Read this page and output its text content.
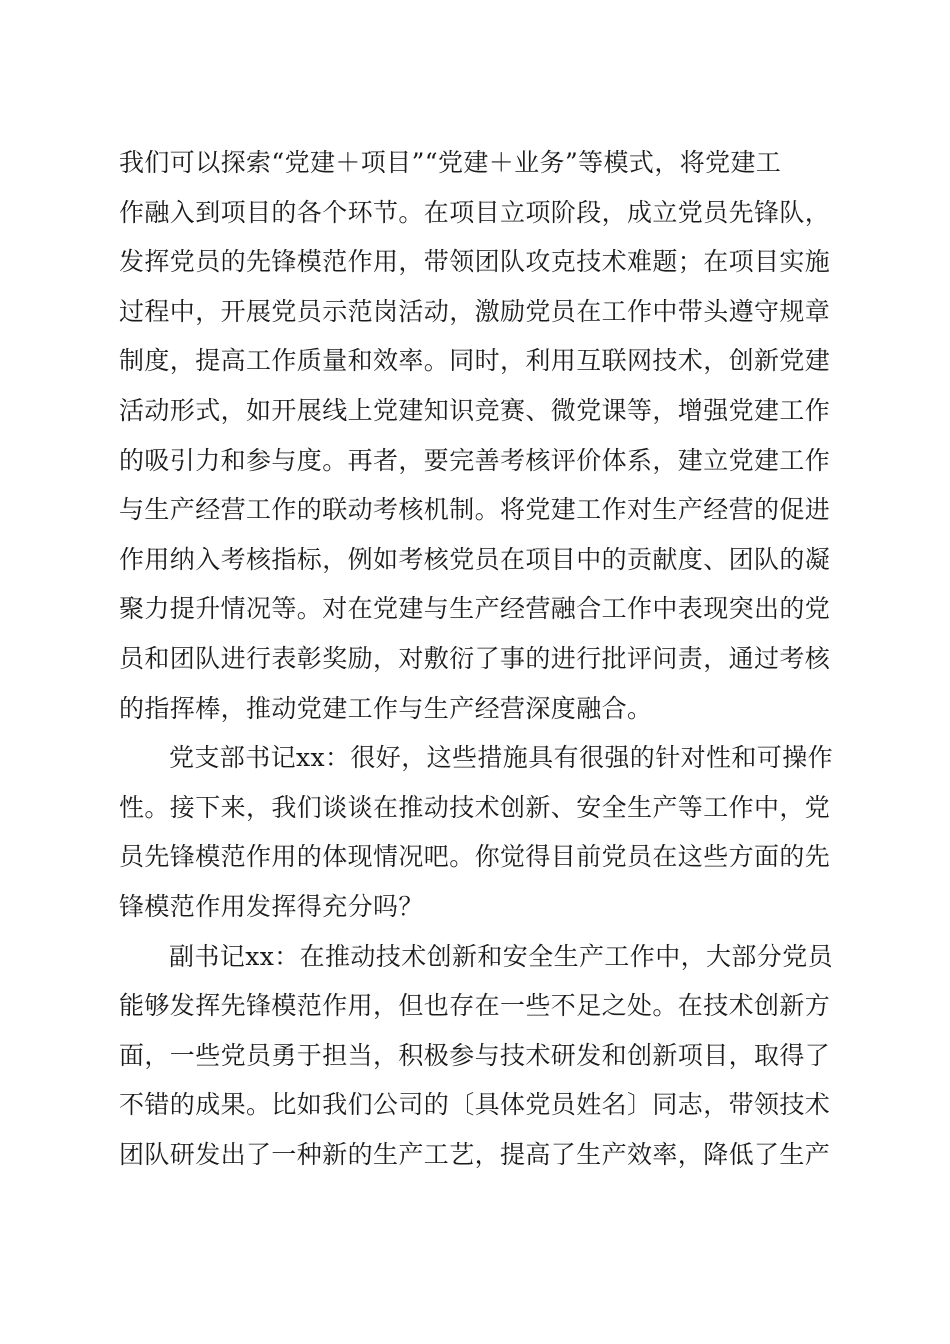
我们可以探索“党建＋项目”“党建＋业务”等模式，将党建工
作融入到项目的各个环节。在项目立项阶段，成立党员先锋队，
发挥党员的先锋模范作用，带领团队攻克技术难题；在项目实施
过程中，开展党员示范岗活动，激励党员在工作中带头遵守规章
制度，提高工作质量和效率。同时，利用互联网技术，创新党建
活动形式，如开展线上党建知识竞赛、微党课等，增强党建工作
的吸引力和参与度。再者，要完善考核评价体系，建立党建工作
与生产经营工作的联动考核机制。将党建工作对生产经营的促进
作用纳入考核指标，例如考核党员在项目中的贡献度、团队的凝
聚力提升情况等。对在党建与生产经营融合工作中表现突出的党
员和团队进行表彰奖励，对敷衍了事的进行批评问责，通过考核
的指挥棒，推动党建工作与生产经营深度融合。
党支部书记xx：很好，这些措施具有很强的针对性和可操作
性。接下来，我们谈谈在推动技术创新、安全生产等工作中，党
员先锋模范作用的体现情况吧。你觉得目前党员在这些方面的先
锋模范作用发挥得充分吗？
副书记xx：在推动技术创新和安全生产工作中，大部分党员
能够发挥先锋模范作用，但也存在一些不足之处。在技术创新方
面，一些党员勇于担当，积极参与技术研发和创新项目，取得了
不错的成果。比如我们公司的〔具体党员姓名〕同志，带领技术
团队研发出了一种新的生产工艺，提高了生产效率，降低了生产
